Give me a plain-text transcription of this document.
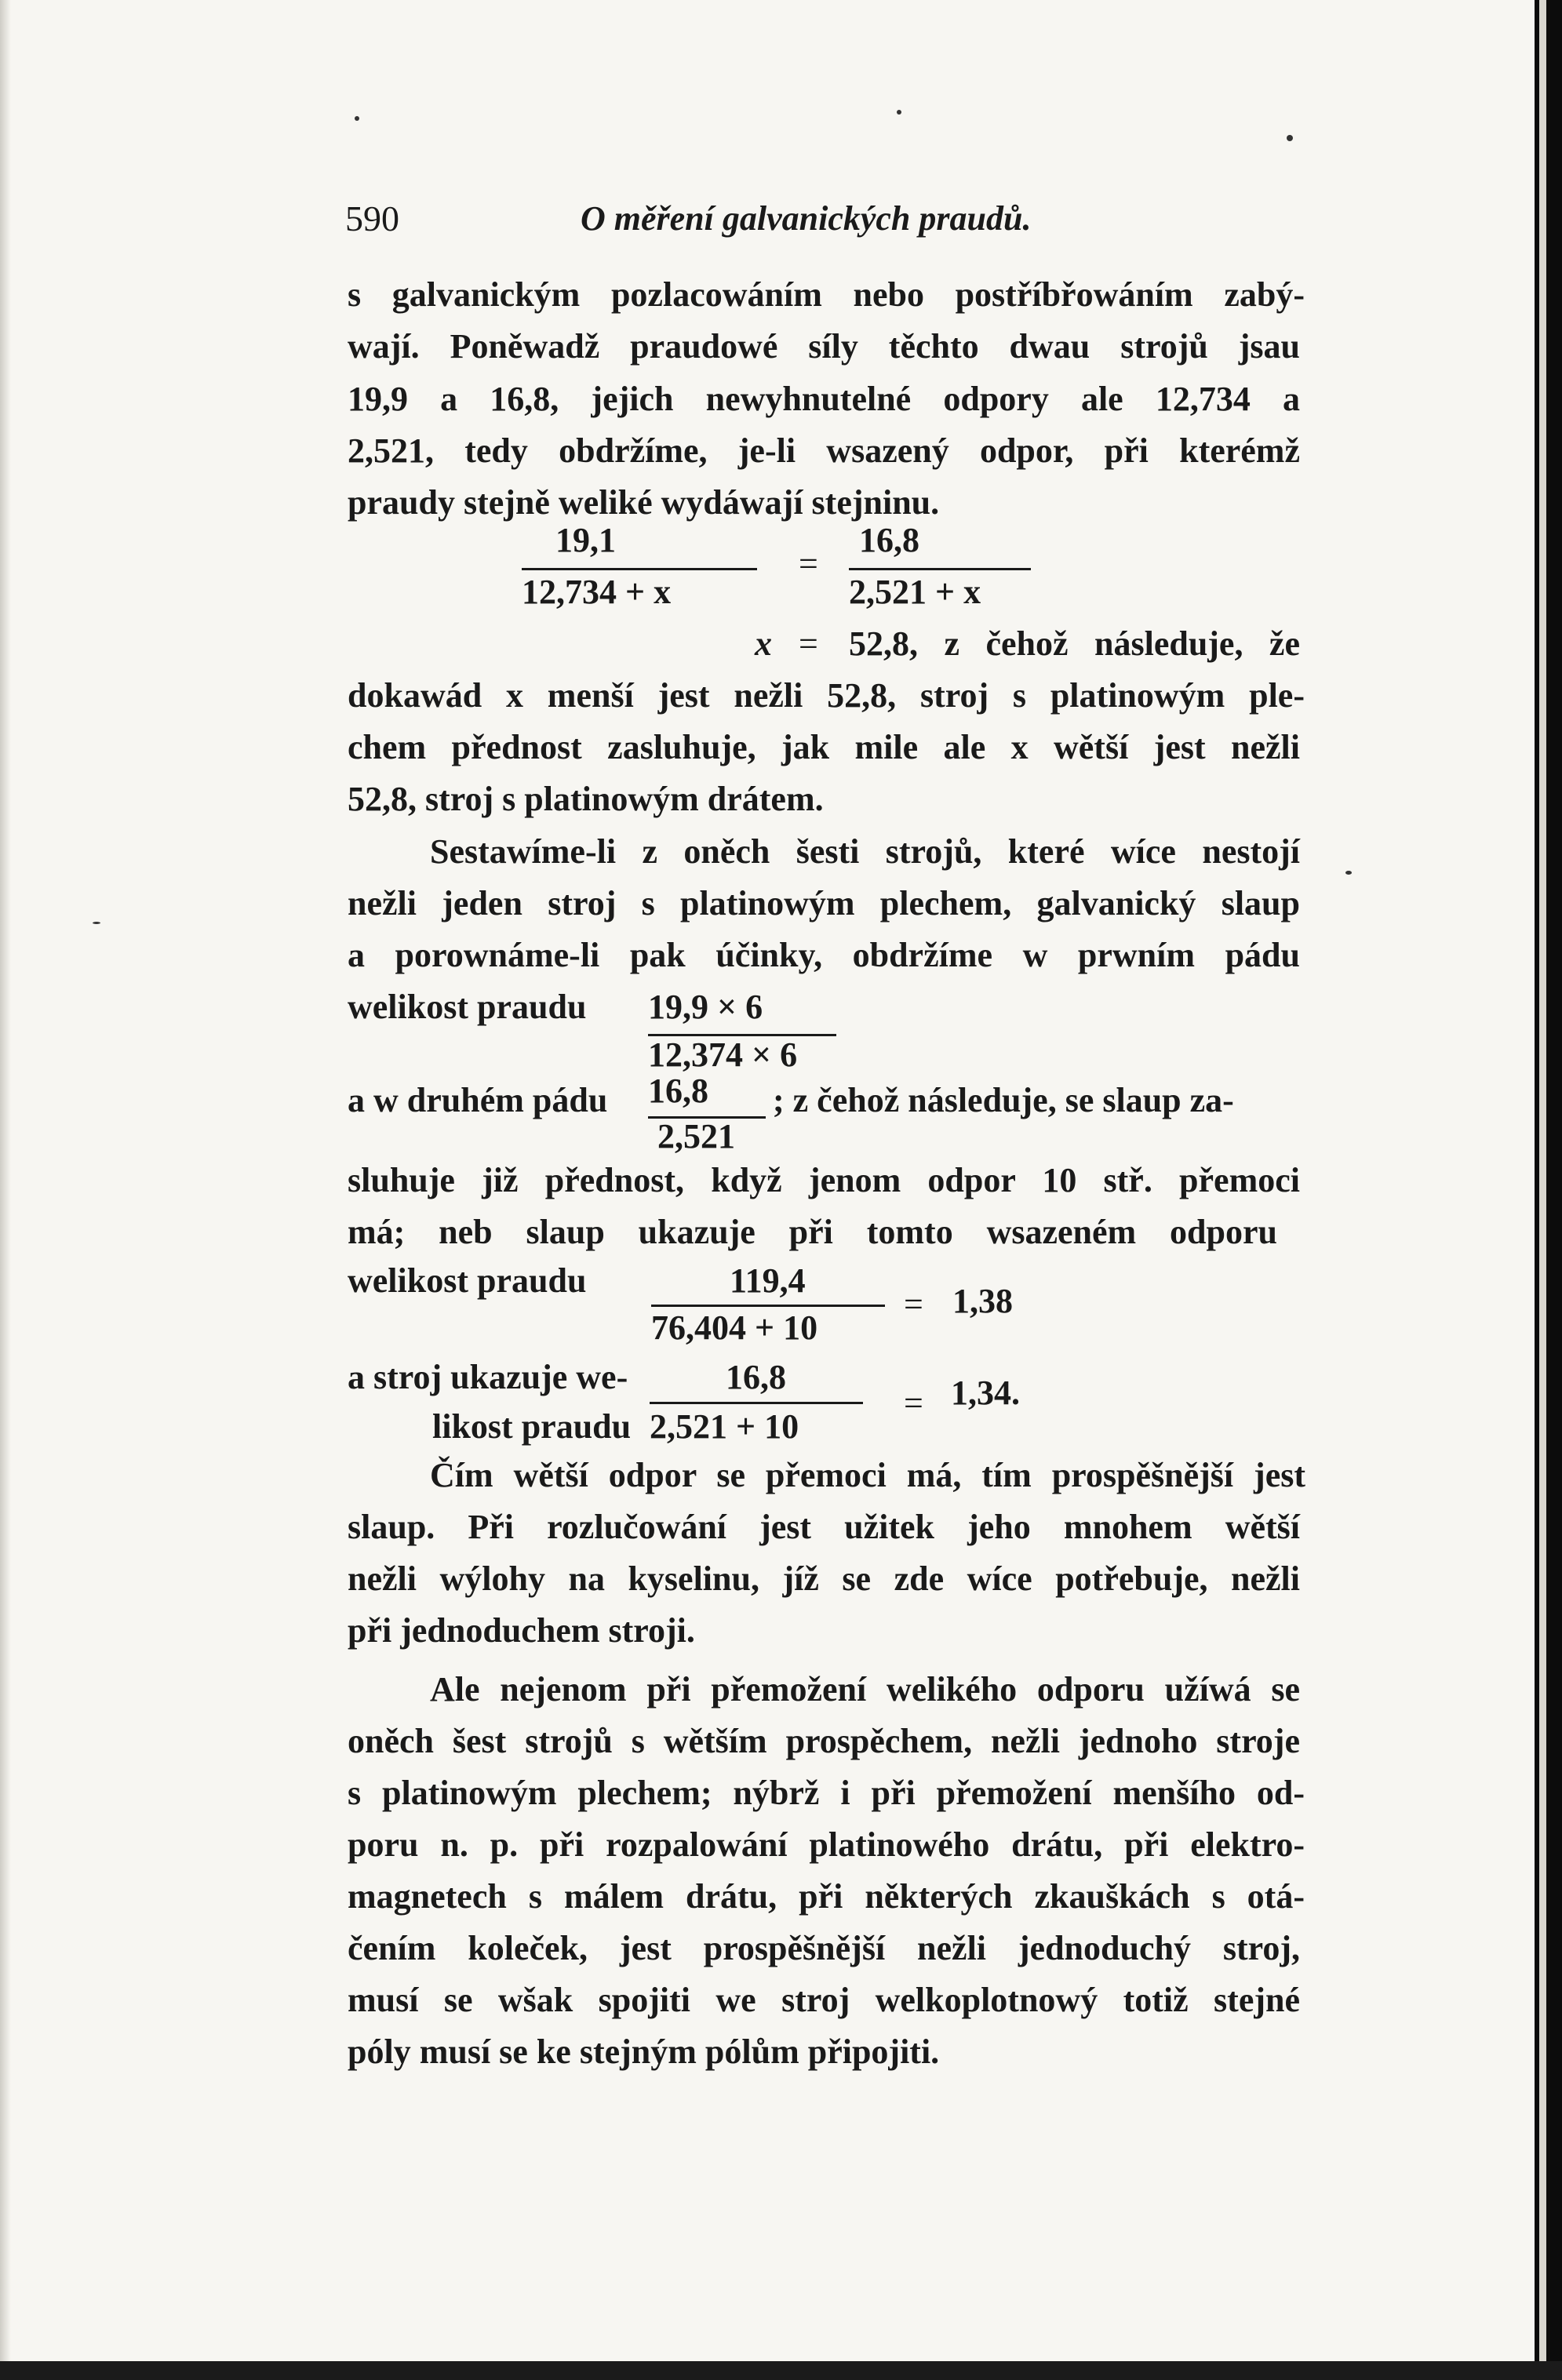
590	O měření galvanických praudů.
s galvanickým pozlacowáním nebo postříbřowáním zabý-
wají. Poněwadž praudowé síly těchto dwau strojů jsau
19,9 a 16,8, jejich newyhnutelné odpory ale 12,734 a
2,521, tedy obdržíme, je-li wsazený odpor, při kterémž
praudy stejně weliké wydáwají stejninu.
19,1
12,734 + x
=
16,8
2,521 + x
x = 52,8, z čehož následuje, že
dokawád x menší jest nežli 52,8, stroj s platinowým ple-
chem přednost zasluhuje, jak mile ale x wětší jest nežli
52,8, stroj s platinowým drátem.
Sestawíme-li z oněch šesti strojů, které wíce nestojí
nežli jeden stroj s platinowým plechem, galvanický slaup
a porownáme-li pak účinky, obdržíme w prwním pádu
welikost praudu 19,9 × 6
12,374 × 6
a w druhém pádu 16,8
2,521
; z čehož následuje, se slaup za-
sluhuje již přednost, když jenom odpor 10 stř. přemoci
má; neb slaup ukazuje při tomto wsazeném odporu
welikost praudu	119,4
76,404 + 10
= 1,38
a stroj ukazuje we-
likost praudu
16,8
2,521 + 10
= 1,34.
Čím wětší odpor se přemoci má, tím prospěšnější jest
slaup. Při rozlučowání jest užitek jeho mnohem wětší
nežli wýlohy na kyselinu, jíž se zde wíce potřebuje, nežli
při jednoduchem stroji.
Ale nejenom při přemožení welikého odporu užíwá se
oněch šest strojů s wětším prospěchem, nežli jednoho stroje
s platinowým plechem; nýbrž i při přemožení menšího od-
poru n. p. při rozpalowání platinowého drátu, při elektro-
magnetech s málem drátu, při některých zkauškách s otá-
čením koleček, jest prospěšnější nežli jednoduchý stroj,
musí se wšak spojiti we stroj welkoplotnowý totiž stejné
póly musí se ke stejným pólům připojiti.
